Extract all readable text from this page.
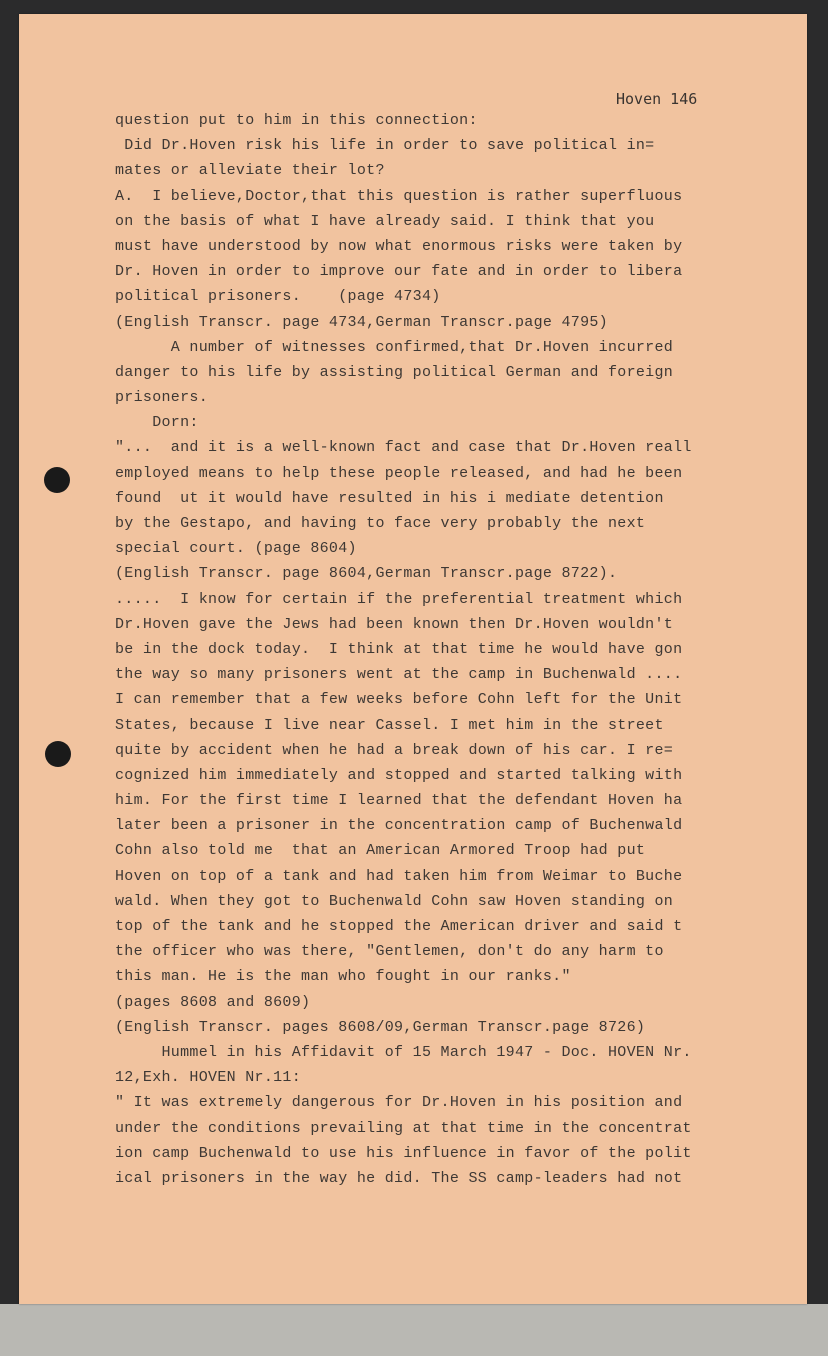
Hoven 146
question put to him in this connection:
Did Dr.Hoven risk his life in order to save political in=
mates or alleviate their lot?
A.  I believe,Doctor,that this question is rather superfluous
on the basis of what I have already said. I think that you
must have understood by now what enormous risks were taken by
Dr. Hoven in order to improve our fate and in order to libera
political prisoners.    (page 4734)
(English Transcr. page 4734,German Transcr.page 4795)
A number of witnesses confirmed,that Dr.Hoven incurred
danger to his life by assisting political German and foreign
prisoners.
Dorn:
"...  and it is a well-known fact and case that Dr.Hoven reall
employed means to help these people released, and had he been
found  ut it would have resulted in his i mediate detention
by the Gestapo, and having to face very probably the next
special court. (page 8604)
(English Transcr. page 8604,German Transcr.page 8722).
.....  I know for certain if the preferential treatment which
Dr.Hoven gave the Jews had been known then Dr.Hoven wouldn't
be in the dock today.  I think at that time he would have gon
the way so many prisoners went at the camp in Buchenwald ....
I can remember that a few weeks before Cohn left for the Unit
States, because I live near Cassel. I met him in the street
quite by accident when he had a break down of his car. I re=
cognized him immediately and stopped and started talking with
him. For the first time I learned that the defendant Hoven ha
later been a prisoner in the concentration camp of Buchenwald
Cohn also told me  that an American Armored Troop had put
Hoven on top of a tank and had taken him from Weimar to Buche
wald. When they got to Buchenwald Cohn saw Hoven standing on
top of the tank and he stopped the American driver and said t
the officer who was there, "Gentlemen, don't do any harm to
this man. He is the man who fought in our ranks."
(pages 8608 and 8609)
(English Transcr. pages 8608/09,German Transcr.page 8726)
Hummel in his Affidavit of 15 March 1947 - Doc. HOVEN Nr.
12,Exh. HOVEN Nr.11:
" It was extremely dangerous for Dr.Hoven in his position and
under the conditions prevailing at that time in the concentrat
ion camp Buchenwald to use his influence in favor of the polit
ical prisoners in the way he did. The SS camp-leaders had not
